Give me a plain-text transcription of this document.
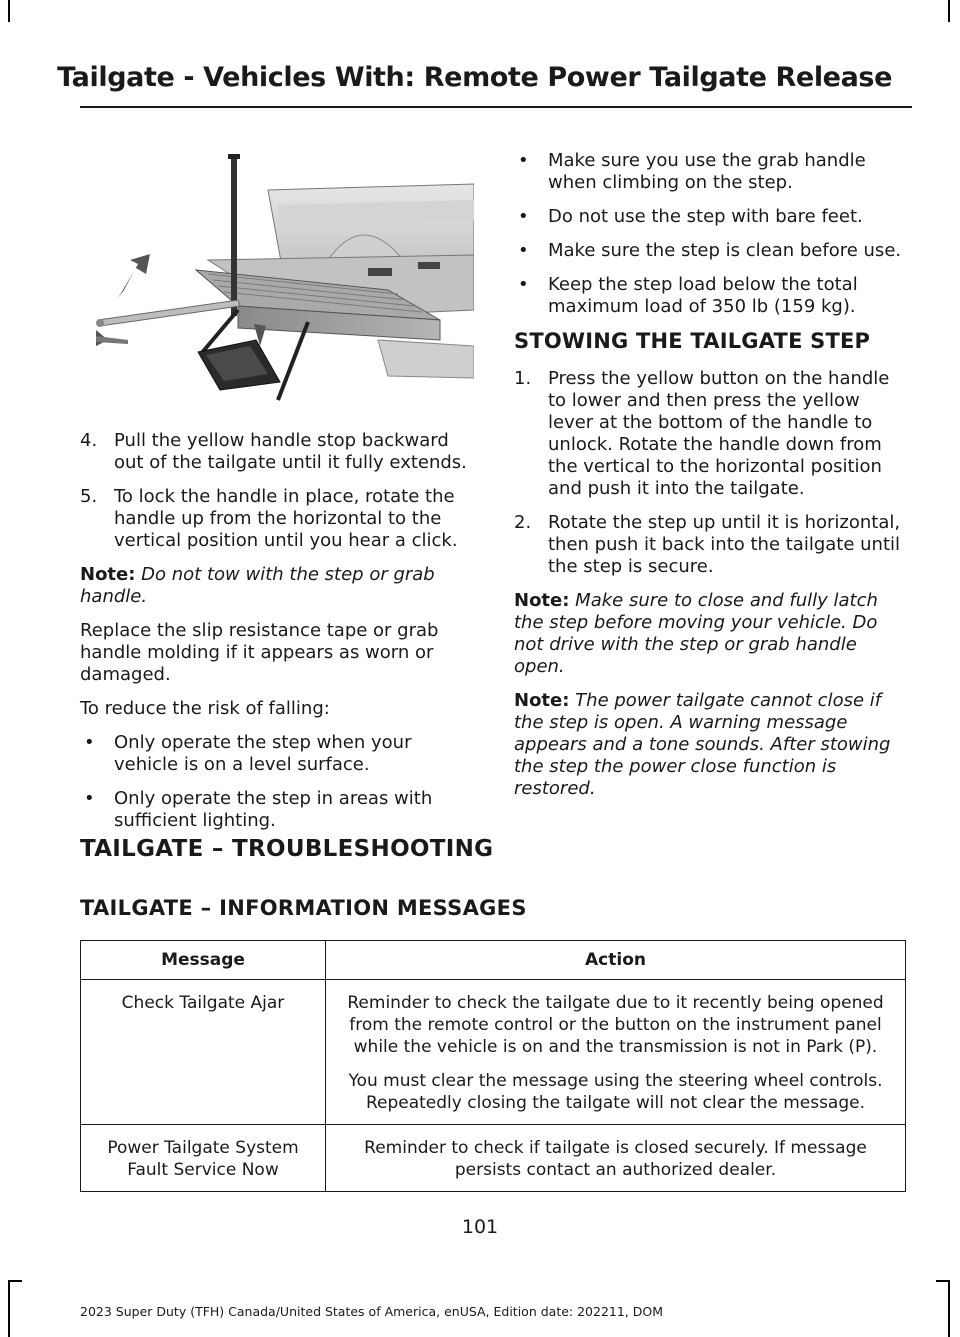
Tailgate - Vehicles With: Remote Power Tailgate Release
4. Pull the yellow handle stop backward out of the tailgate until it fully extends.
5. To lock the handle in place, rotate the handle up from the horizontal to the vertical position until you hear a click.

Note: Do not tow with the step or grab handle.

Replace the slip resistance tape or grab handle molding if it appears as worn or damaged.

To reduce the risk of falling:

• Only operate the step when your vehicle is on a level surface.
• Only operate the step in areas with sufficient lighting.
• Make sure you use the grab handle when climbing on the step.
• Do not use the step with bare feet.
• Make sure the step is clean before use.
• Keep the step load below the total maximum load of 350 lb (159 kg).
STOWING THE TAILGATE STEP
1. Press the yellow button on the handle to lower and then press the yellow lever at the bottom of the handle to unlock. Rotate the handle down from the vertical to the horizontal position and push it into the tailgate.
2. Rotate the step up until it is horizontal, then push it back into the tailgate until the step is secure.

Note: Make sure to close and fully latch the step before moving your vehicle. Do not drive with the step or grab handle open.

Note: The power tailgate cannot close if the step is open. A warning message appears and a tone sounds. After stowing the step the power close function is restored.

TAILGATE – TROUBLESHOOTING
TAILGATE – INFORMATION MESSAGES
Message	Action
Check Tailgate Ajar	Reminder to check the tailgate due to it recently being opened from the remote control or the button on the instrument panel while the vehicle is on and the transmission is not in Park (P).

You must clear the message using the steering wheel controls. Repeatedly closing the tailgate will not clear the message.

Power Tailgate System Fault Service Now	Reminder to check if tailgate is closed securely. If message persists contact an authorized dealer.

101
2023 Super Duty (TFH) Canada/United States of America, enUSA, Edition date: 202211, DOM
